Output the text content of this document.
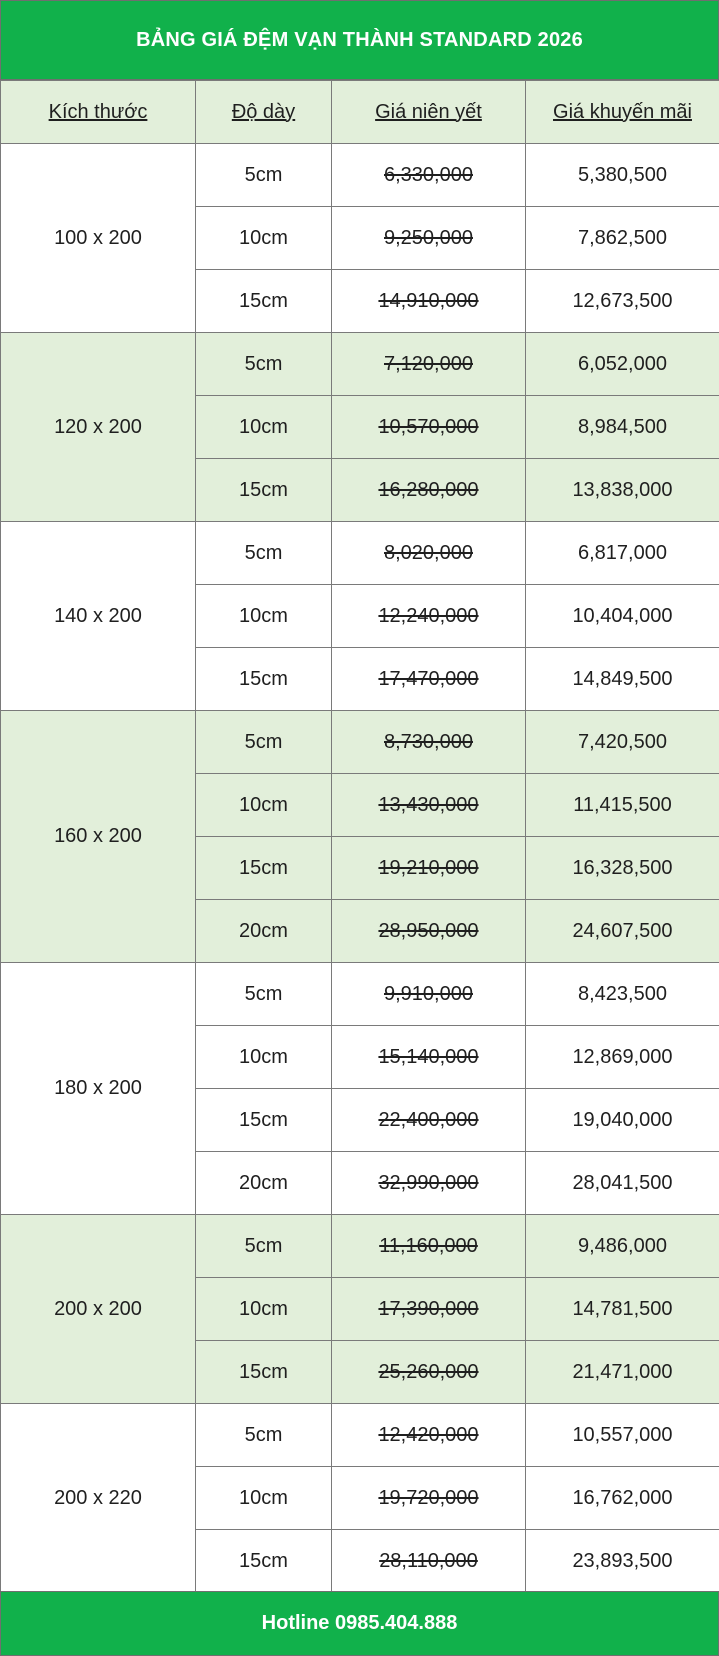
BẢNG GIÁ ĐỆM VẠN THÀNH STANDARD 2026
Kích thước	Độ dày	Giá niên yết	Giá khuyến mãi
100 x 200	5cm	6,330,000	5,380,500
	10cm	9,250,000	7,862,500
	15cm	14,910,000	12,673,500
120 x 200	5cm	7,120,000	6,052,000
	10cm	10,570,000	8,984,500
	15cm	16,280,000	13,838,000
140 x 200	5cm	8,020,000	6,817,000
	10cm	12,240,000	10,404,000
	15cm	17,470,000	14,849,500
160 x 200	5cm	8,730,000	7,420,500
	10cm	13,430,000	11,415,500
	15cm	19,210,000	16,328,500
	20cm	28,950,000	24,607,500
180 x 200	5cm	9,910,000	8,423,500
	10cm	15,140,000	12,869,000
	15cm	22,400,000	19,040,000
	20cm	32,990,000	28,041,500
200 x 200	5cm	11,160,000	9,486,000
	10cm	17,390,000	14,781,500
	15cm	25,260,000	21,471,000
200 x 220	5cm	12,420,000	10,557,000
	10cm	19,720,000	16,762,000
	15cm	28,110,000	23,893,500
Hotline 0985.404.888
